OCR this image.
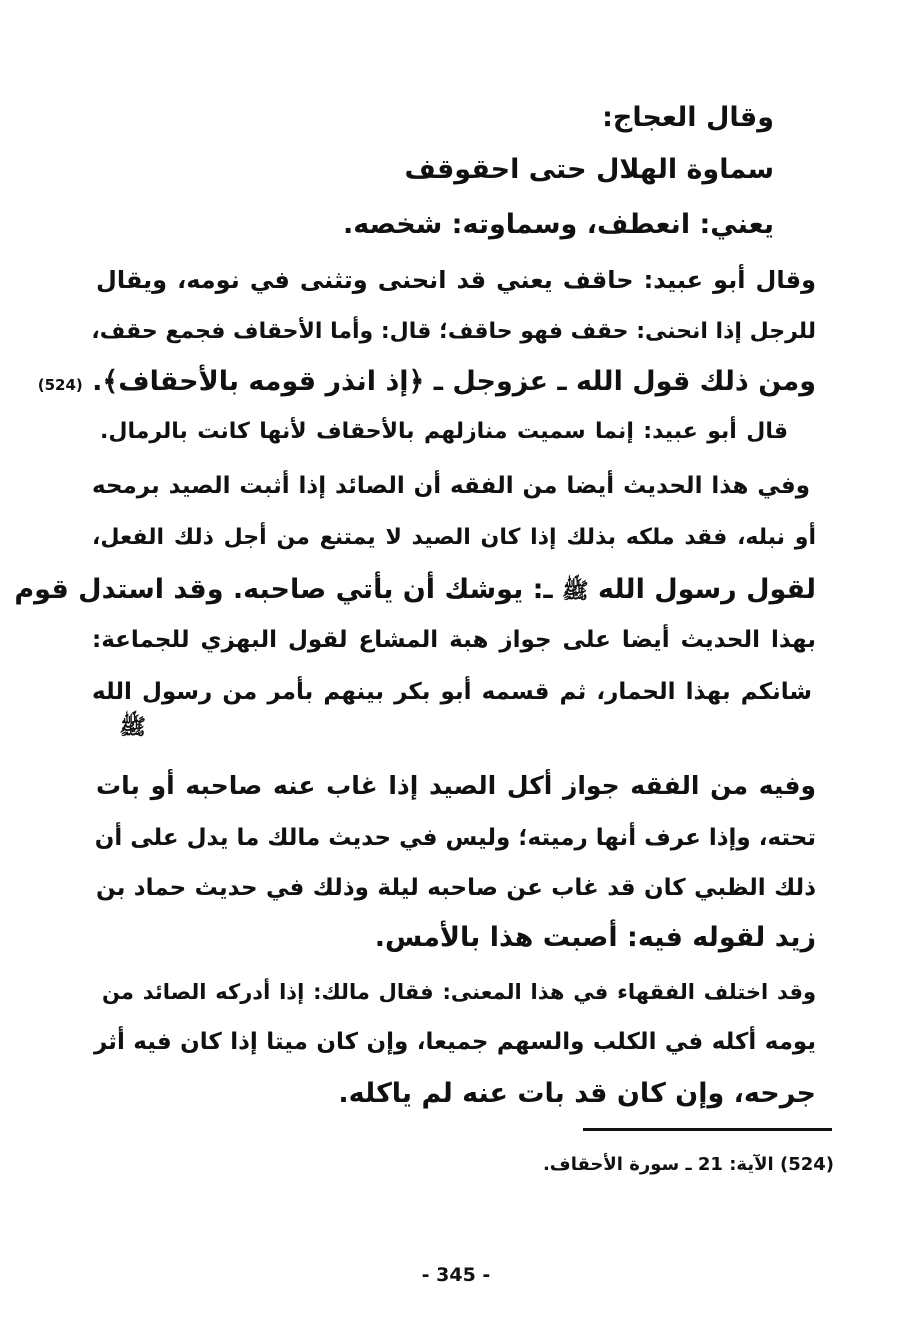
وقال العجاج:
سماوة الهلال حتى احقوقف
يعني: انعطف، وسماوته: شخصه.
وقال أبو عبيد: حاقف يعني قد انحنى وتثنى في نومه، ويقال
للرجل إذا انحنى: حقف فهو حاقف؛ قال: وأما الأحقاف فجمع حقف،
ومن ذلك قول الله ـ عزوجل ـ ﴿إذ انذر قومه بالأحقاف﴾. (524)
قال أبو عبيد: إنما سميت منازلهم بالأحقاف لأنها كانت بالرمال.
وفي هذا الحديث أيضا من الفقه أن الصائد إذا أثبت الصيد برمحه
أو نبله، فقد ملكه بذلك إذا كان الصيد لا يمتنع من أجل ذلك الفعل،
لقول رسول الله ﷺ ـ: يوشك أن يأتي صاحبه. وقد استدل قوم
بهذا الحديث أيضا على جواز هبة المشاع لقول البهزي للجماعة:
شانكم بهذا الحمار، ثم قسمه أبو بكر بينهم بأمر من رسول الله
ﷺ
وفيه من الفقه جواز أكل الصيد إذا غاب عنه صاحبه أو بات
تحته، وإذا عرف أنها رميته؛ وليس في حديث مالك ما يدل على أن
ذلك الظبي كان قد غاب عن صاحبه ليلة وذلك في حديث حماد بن
زيد لقوله فيه: أصبت هذا بالأمس.
وقد اختلف الفقهاء في هذا المعنى: فقال مالك: إذا أدركه الصائد من
يومه أكله في الكلب والسهم جميعا، وإن كان ميتا إذا كان فيه أثر
جرحه، وإن كان قد بات عنه لم ياكله.
(524) الآية: 21 ـ سورة الأحقاف.
- 345 -
